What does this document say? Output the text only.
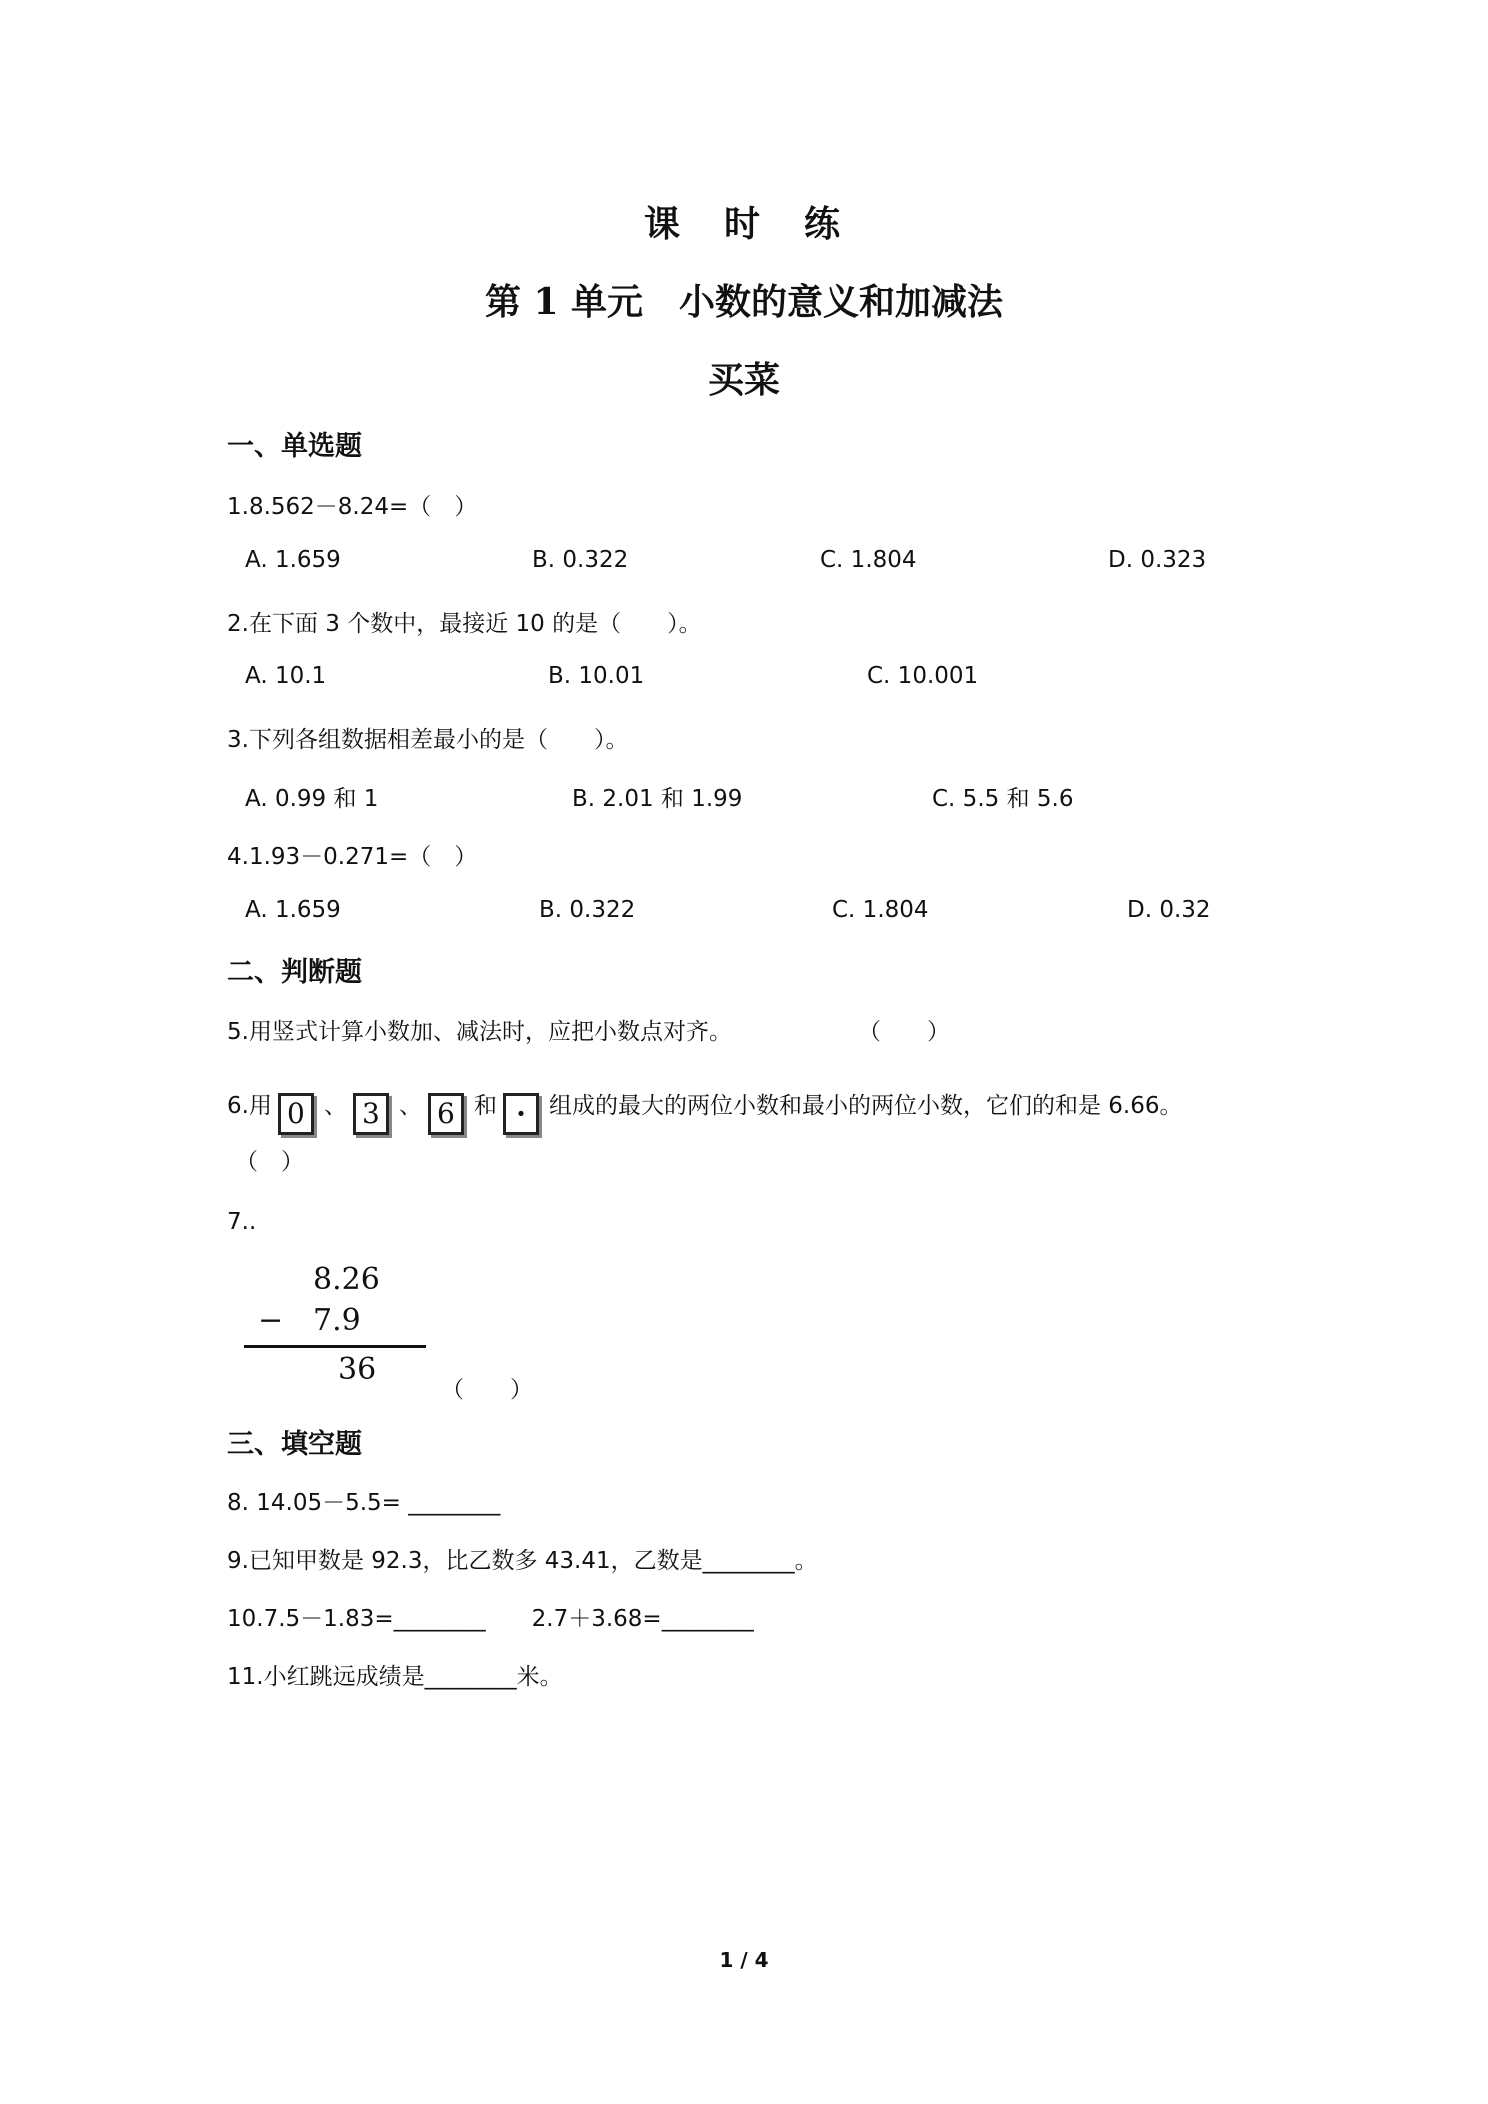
课　时　练
第 1 单元　小数的意义和加减法
买菜
一、单选题
1.8.562－8.24=（　）
A. 1.659	B. 0.322	C. 1.804	D. 0.323
2.在下面 3 个数中，最接近 10 的是（　　）。
A. 10.1	B. 10.01	C. 10.001
3.下列各组数据相差最小的是（　　）。
A. 0.99 和 1	B. 2.01 和 1.99	C. 5.5 和 5.6
4.1.93－0.271=（　）
A. 1.659	B. 0.322	C. 1.804	D. 0.32
二、判断题
5.用竖式计算小数加、减法时，应把小数点对齐。	（　　）
6.用 0 、 3 、 6 和 · 组成的最大的两位小数和最小的两位小数，它们的和是 6.66。
（　）
7..
8.26
− 7.9
36
（　　）
三、填空题
8. 14.05－5.5= ________
9.已知甲数是 92.3，比乙数多 43.41，乙数是________。
10.7.5－1.83=________　　2.7＋3.68=________
11.小红跳远成绩是________米。
1 / 4
